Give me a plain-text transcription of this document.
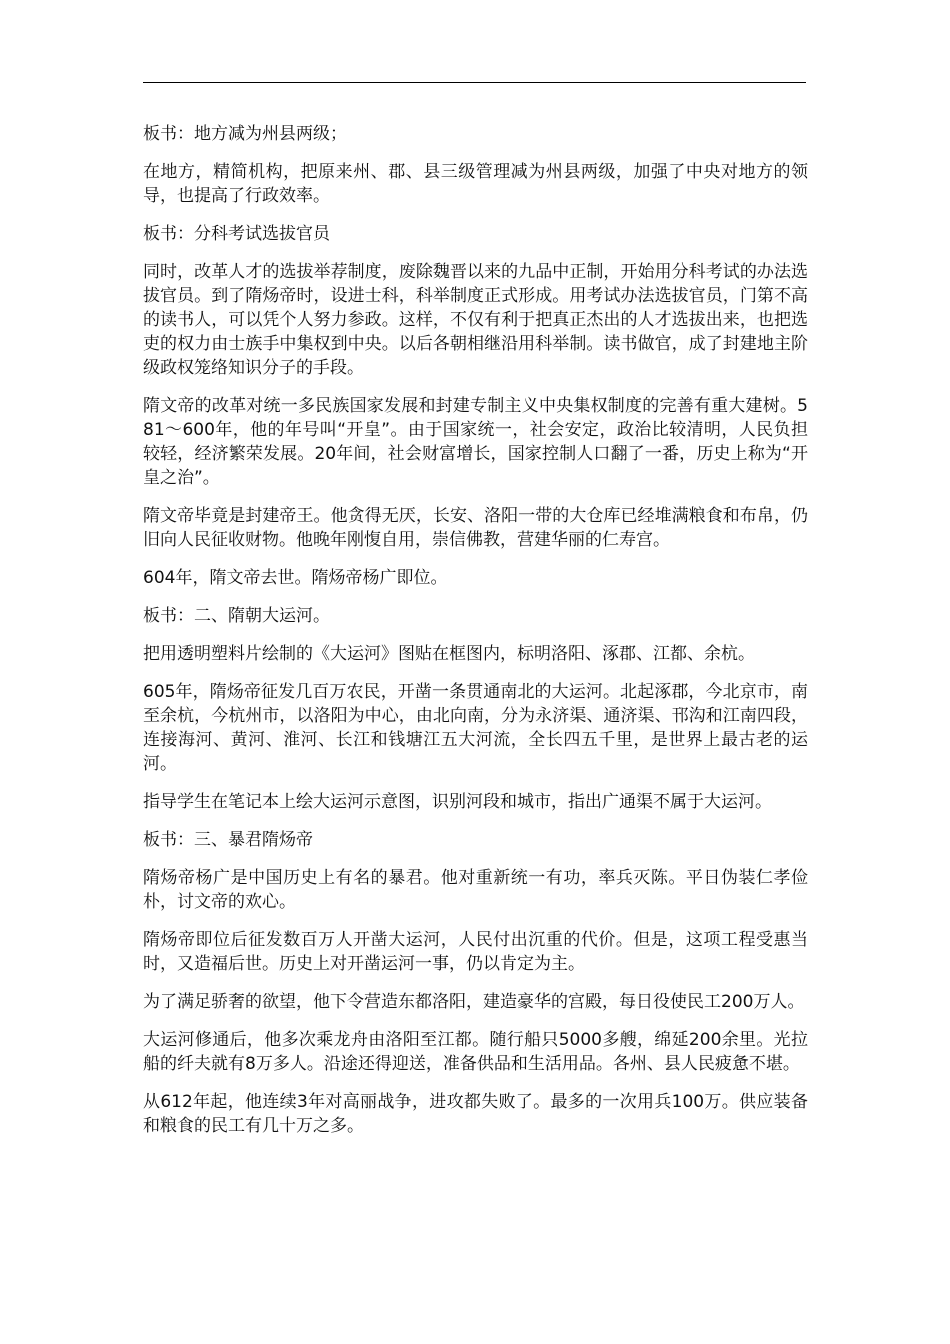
板书：地方减为州县两级；

在地方，精简机构，把原来州、郡、县三级管理减为州县两级，加强了中央对地方的领导，也提高了行政效率。

板书：分科考试选拔官员

同时，改革人才的选拔举荐制度，废除魏晋以来的九品中正制，开始用分科考试的办法选拔官员。到了隋炀帝时，设进士科，科举制度正式形成。用考试办法选拔官员，门第不高的读书人，可以凭个人努力参政。这样，不仅有利于把真正杰出的人才选拔出来，也把选吏的权力由士族手中集权到中央。以后各朝相继沿用科举制。读书做官，成了封建地主阶级政权笼络知识分子的手段。

隋文帝的改革对统一多民族国家发展和封建专制主义中央集权制度的完善有重大建树。581～600年，他的年号叫“开皇”。由于国家统一，社会安定，政治比较清明，人民负担较轻，经济繁荣发展。20年间，社会财富增长，国家控制人口翻了一番，历史上称为“开皇之治”。

隋文帝毕竟是封建帝王。他贪得无厌，长安、洛阳一带的大仓库已经堆满粮食和布帛，仍旧向人民征收财物。他晚年刚愎自用，崇信佛教，营建华丽的仁寿宫。

604年，隋文帝去世。隋炀帝杨广即位。

板书：二、隋朝大运河。

把用透明塑料片绘制的《大运河》图贴在框图内，标明洛阳、涿郡、江都、余杭。

605年，隋炀帝征发几百万农民，开凿一条贯通南北的大运河。北起涿郡，今北京市，南至余杭，今杭州市，以洛阳为中心，由北向南，分为永济渠、通济渠、邗沟和江南四段，连接海河、黄河、淮河、长江和钱塘江五大河流，全长四五千里，是世界上最古老的运河。

指导学生在笔记本上绘大运河示意图，识别河段和城市，指出广通渠不属于大运河。

板书：三、暴君隋炀帝

隋炀帝杨广是中国历史上有名的暴君。他对重新统一有功，率兵灭陈。平日伪装仁孝俭朴，讨文帝的欢心。

隋炀帝即位后征发数百万人开凿大运河，人民付出沉重的代价。但是，这项工程受惠当时，又造福后世。历史上对开凿运河一事，仍以肯定为主。

为了满足骄奢的欲望，他下令营造东都洛阳，建造豪华的宫殿，每日役使民工200万人。

大运河修通后，他多次乘龙舟由洛阳至江都。随行船只5000多艘，绵延200余里。光拉船的纤夫就有8万多人。沿途还得迎送，准备供品和生活用品。各州、县人民疲惫不堪。

从612年起，他连续3年对高丽战争，进攻都失败了。最多的一次用兵100万。供应装备和粮食的民工有几十万之多。
